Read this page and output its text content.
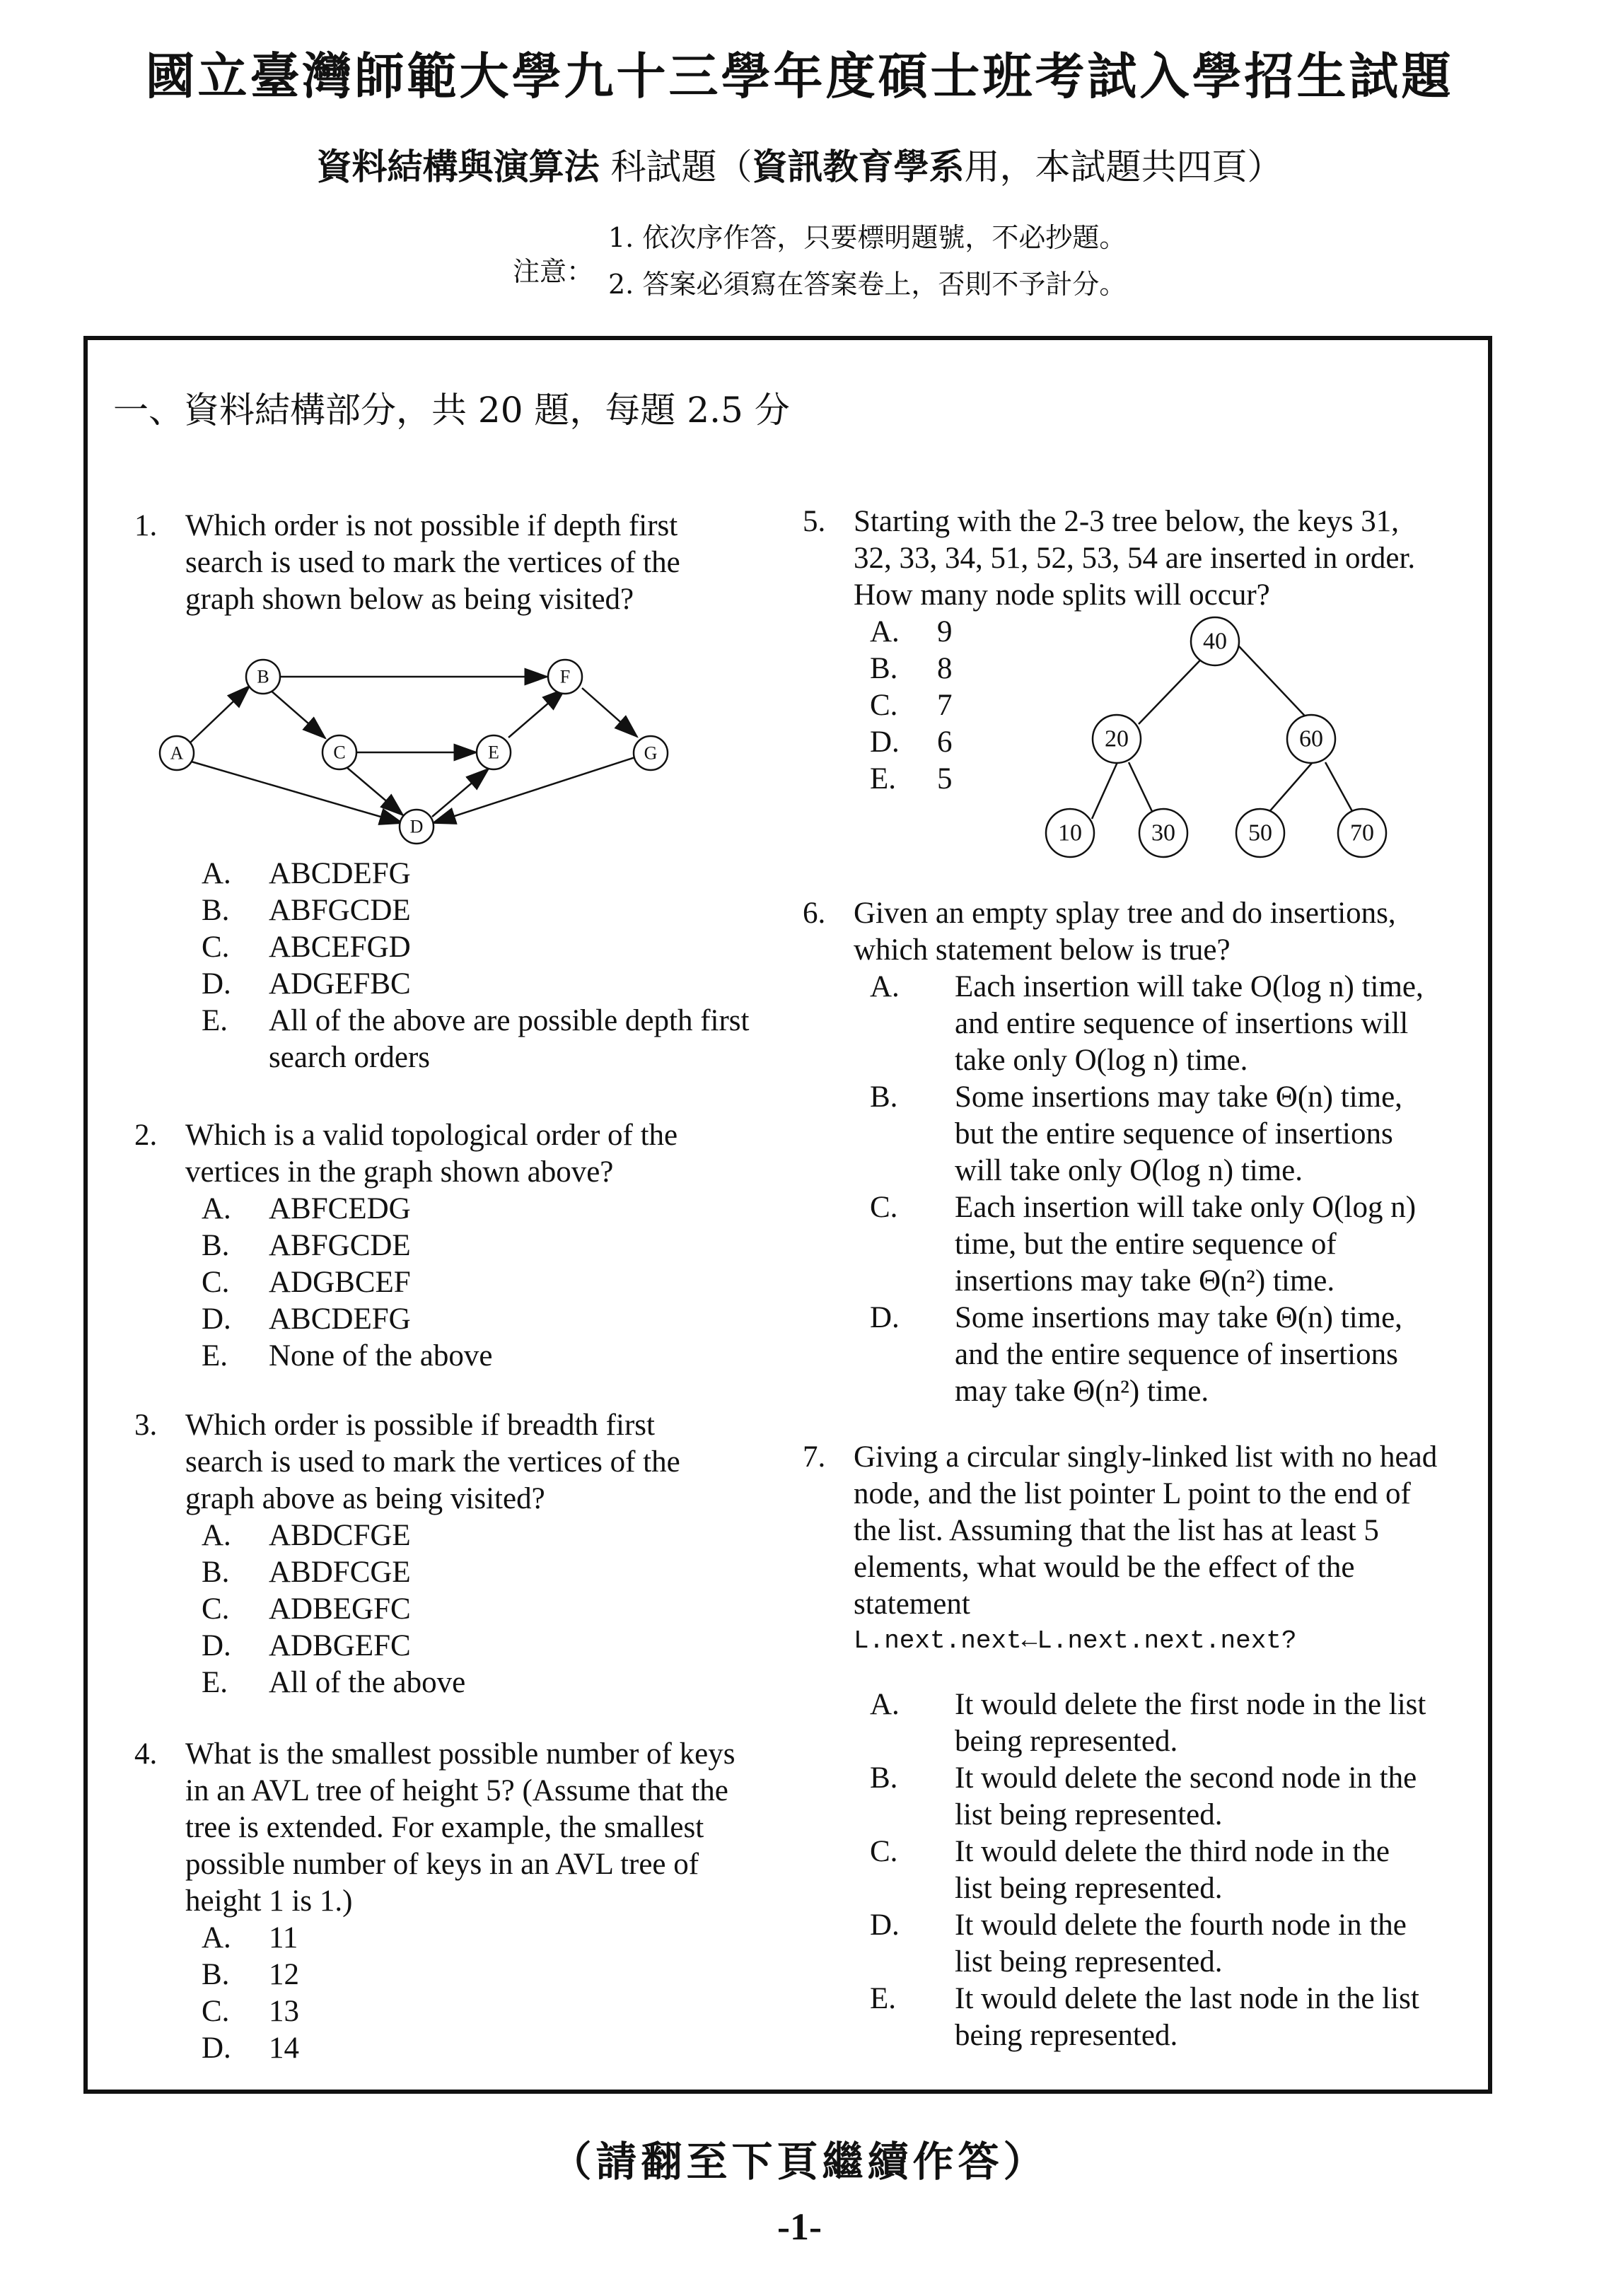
國立臺灣師範大學九十三學年度碩士班考試入學招生試題
資料結構與演算法 科試題（資訊教育學系用，本試題共四頁）
注意：
1. 依次序作答，只要標明題號，不必抄題。
2. 答案必須寫在答案卷上，否則不予計分。
一、資料結構部分，共 20 題，每題 2.5 分
1. Which order is not possible if depth first search is used to mark the vertices of the graph shown below as being visited?
A
B
C
D
E
F
G
A. ABCDEFG
B. ABFGCDE
C. ABCEFGD
D. ADGEFBC
E. All of the above are possible depth first search orders
2. Which is a valid topological order of the vertices in the graph shown above?
A. ABFCEDG
B. ABFGCDE
C. ADGBCEF
D. ABCDEFG
E. None of the above
3. Which order is possible if breadth first search is used to mark the vertices of the graph above as being visited?
A. ABDCFGE
B. ABDFCGE
C. ADBEGFC
D. ADBGEFC
E. All of the above
4. What is the smallest possible number of keys in an AVL tree of height 5? (Assume that the tree is extended. For example, the smallest possible number of keys in an AVL tree of height 1 is 1.)
A. 11
B. 12
C. 13
D. 14
5. Starting with the 2-3 tree below, the keys 31, 32, 33, 34, 51, 52, 53, 54 are inserted in order. How many node splits will occur?
A. 9
B. 8
C. 7
D. 6
E. 5
40
20	60
10	30	50	70
6. Given an empty splay tree and do insertions, which statement below is true?
A. Each insertion will take O(log n) time, and entire sequence of insertions will take only O(log n) time.
B. Some insertions may take Θ(n) time, but the entire sequence of insertions will take only O(log n) time.
C. Each insertion will take only O(log n) time, but the entire sequence of insertions may take Θ(n²) time.
D. Some insertions may take Θ(n) time, and the entire sequence of insertions may take Θ(n²) time.
7. Giving a circular singly-linked list with no head node, and the list pointer L point to the end of the list. Assuming that the list has at least 5 elements, what would be the effect of the statement
L.next.next←L.next.next.next?
A. It would delete the first node in the list being represented.
B. It would delete the second node in the list being represented.
C. It would delete the third node in the list being represented.
D. It would delete the fourth node in the list being represented.
E. It would delete the last node in the list being represented.
（請翻至下頁繼續作答）
-1-
